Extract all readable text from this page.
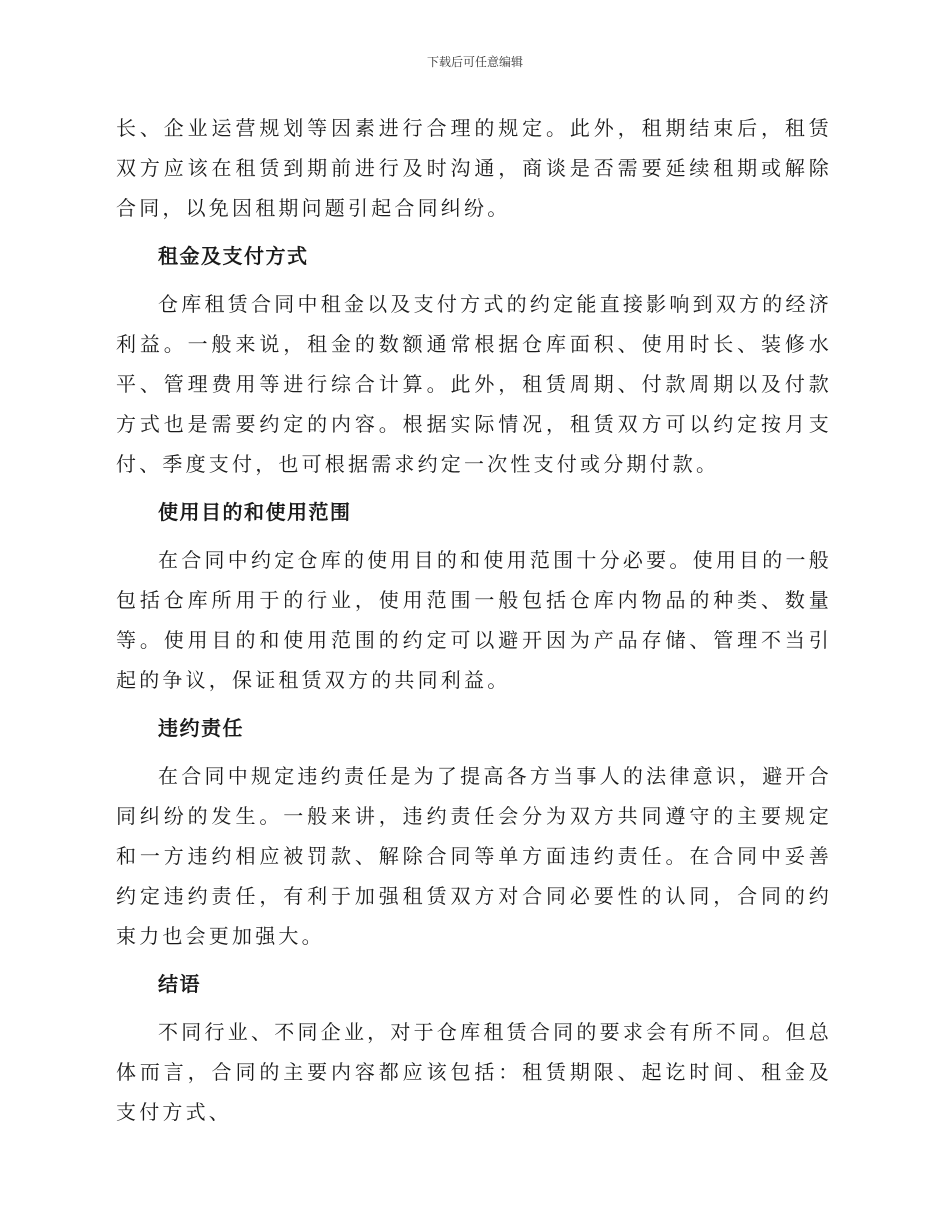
下载后可任意编辑

长、企业运营规划等因素进行合理的规定。此外，租期结束后，租赁双方应该在租赁到期前进行及时沟通，商谈是否需要延续租期或解除合同，以免因租期问题引起合同纠纷。

租金及支付方式

仓库租赁合同中租金以及支付方式的约定能直接影响到双方的经济利益。一般来说，租金的数额通常根据仓库面积、使用时长、装修水平、管理费用等进行综合计算。此外，租赁周期、付款周期以及付款方式也是需要约定的内容。根据实际情况，租赁双方可以约定按月支付、季度支付，也可根据需求约定一次性支付或分期付款。

使用目的和使用范围

在合同中约定仓库的使用目的和使用范围十分必要。使用目的一般包括仓库所用于的行业，使用范围一般包括仓库内物品的种类、数量等。使用目的和使用范围的约定可以避开因为产品存储、管理不当引起的争议，保证租赁双方的共同利益。

违约责任

在合同中规定违约责任是为了提高各方当事人的法律意识，避开合同纠纷的发生。一般来讲，违约责任会分为双方共同遵守的主要规定和一方违约相应被罚款、解除合同等单方面违约责任。在合同中妥善约定违约责任，有利于加强租赁双方对合同必要性的认同，合同的约束力也会更加强大。

结语

不同行业、不同企业，对于仓库租赁合同的要求会有所不同。但总体而言，合同的主要内容都应该包括：租赁期限、起讫时间、租金及支付方式、
